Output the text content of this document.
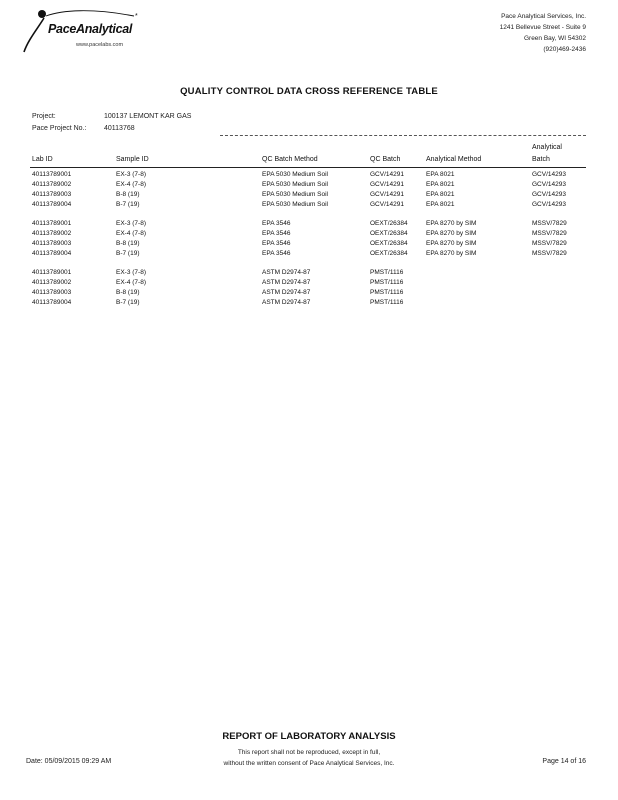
*
PaceAnalytical
www.pacelabs.com
Pace Analytical Services, Inc.
1241 Bellevue Street - Suite 9
Green Bay, WI 54302
(920)469-2436
QUALITY CONTROL DATA CROSS REFERENCE TABLE
Project:	100137 LEMONT KAR GAS
Pace Project No.:	40113768
Analytical
Lab ID	Sample ID	QC Batch Method	QC Batch	Analytical Method	Batch
40113789001	EX-3 (7-8)	EPA 5030 Medium Soil	GCV/14291	EPA 8021	GCV/14293
40113789002	EX-4 (7-8)	EPA 5030 Medium Soil	GCV/14291	EPA 8021	GCV/14293
40113789003	B-8 (19)	EPA 5030 Medium Soil	GCV/14291	EPA 8021	GCV/14293
40113789004	B-7 (19)	EPA 5030 Medium Soil	GCV/14291	EPA 8021	GCV/14293
40113789001	EX-3 (7-8)	EPA 3546	OEXT/26384	EPA 8270 by SIM	MSSV/7829
40113789002	EX-4 (7-8)	EPA 3546	OEXT/26384	EPA 8270 by SIM	MSSV/7829
40113789003	B-8 (19)	EPA 3546	OEXT/26384	EPA 8270 by SIM	MSSV/7829
40113789004	B-7 (19)	EPA 3546	OEXT/26384	EPA 8270 by SIM	MSSV/7829
40113789001	EX-3 (7-8)	ASTM D2974-87	PMST/1116
40113789002	EX-4 (7-8)	ASTM D2974-87	PMST/1116
40113789003	B-8 (19)	ASTM D2974-87	PMST/1116
40113789004	B-7 (19)	ASTM D2974-87	PMST/1116
REPORT OF LABORATORY ANALYSIS
This report shall not be reproduced, except in full,
without the written consent of Pace Analytical Services, Inc.
Date: 05/09/2015 09:29 AM	Page 14 of 16
